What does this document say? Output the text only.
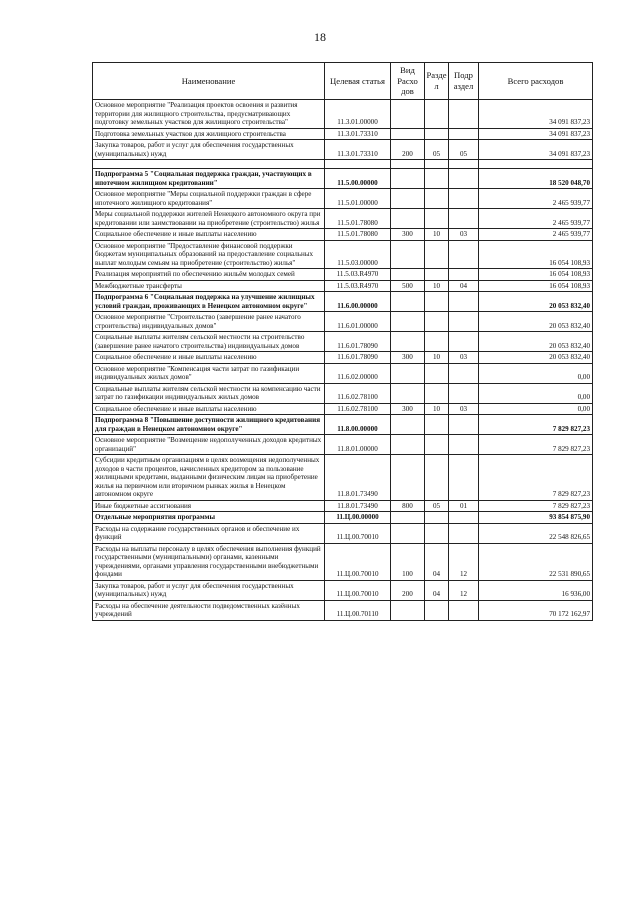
18
Наименование	Целевая статья	Вид Расхо дов	Разде л	Подр аздел	Всего расходов
Основное мероприятие "Реализация проектов освоения и развития территории для жилищного строительства, предусматривающих подготовку земельных участков для жилищного строительства"	11.3.01.00000				34 091 837,23
Подготовка земельных участков для жилищного строительства	11.3.01.73310				34 091 837,23
Закупка товаров, работ и услуг для обеспечения государственных (муниципальных) нужд	11.3.01.73310	200	05	05	34 091 837,23

Подпрограмма 5 "Социальная поддержка граждан, участвующих в ипотечном жилищном кредитовании"	11.5.00.00000				18 520 048,70
Основное мероприятие "Меры социальной поддержки граждан в сфере ипотечного жилищного кредитования"	11.5.01.00000				2 465 939,77
Меры социальной поддержки жителей Ненецкого автономного округа при кредитовании или заимствовании на приобретение (строительство) жилья	11.5.01.78080				2 465 939,77
Социальное обеспечение и иные выплаты населению	11.5.01.78080	300	10	03	2 465 939,77
Основное мероприятие "Предоставление финансовой поддержки бюджетам муниципальных образований на предоставление социальных выплат молодым семьям на приобретение (строительство) жилья"	11.5.03.00000				16 054 108,93
Реализация мероприятий по обеспечению жильём молодых семей	11.5.03.R4970				16 054 108,93
Межбюджетные трансферты	11.5.03.R4970	500	10	04	16 054 108,93
Подпрограмма 6 "Социальная поддержка на улучшение жилищных условий граждан, проживающих в Ненецком автономном округе"	11.6.00.00000				20 053 832,40
Основное мероприятие "Строительство (завершение ранее начатого строительства) индивидуальных домов"	11.6.01.00000				20 053 832,40
Социальные выплаты жителям сельской местности на строительство (завершение ранее начатого строительства) индивидуальных домов	11.6.01.78090				20 053 832,40
Социальное обеспечение и иные выплаты населению	11.6.01.78090	300	10	03	20 053 832,40
Основное мероприятие "Компенсация части затрат по газификации индивидуальных жилых домов"	11.6.02.00000				0,00
Социальные выплаты жителям сельской местности на компенсацию части затрат по газификации индивидуальных жилых домов	11.6.02.78100				0,00
Социальное обеспечение и иные выплаты населению	11.6.02.78100	300	10	03	0,00
Подпрограмма 8 "Повышение доступности жилищного кредитования для граждан в Ненецком автономном округе"	11.8.00.00000				7 829 827,23
Основное мероприятие "Возмещение недополученных доходов кредитных организаций"	11.8.01.00000				7 829 827,23
Субсидии кредитным организациям в целях возмещения недополученных доходов в части процентов, начисленных кредитором за пользование жилищными кредитами, выданными физическим лицам на приобретение жилья на первичном или вторичном рынках жилья в Ненецком автономном округе	11.8.01.73490				7 829 827,23
Иные бюджетные ассигнования	11.8.01.73490	800	05	01	7 829 827,23
Отдельные мероприятия программы	11.Ц.00.00000				93 854 875,90
Расходы на содержание государственных органов и обеспечение их функций	11.Ц.00.70010				22 548 826,65
Расходы на выплаты персоналу в целях обеспечения выполнения функций государственными (муниципальными) органами, казенными учреждениями, органами управления государственными внебюджетными фондами	11.Ц.00.70010	100	04	12	22 531 890,65
Закупка товаров, работ и услуг для обеспечения государственных (муниципальных) нужд	11.Ц.00.70010	200	04	12	16 936,00
Расходы на обеспечение деятельности подведомственных казённых учреждений	11.Ц.00.70110				70 172 162,97
